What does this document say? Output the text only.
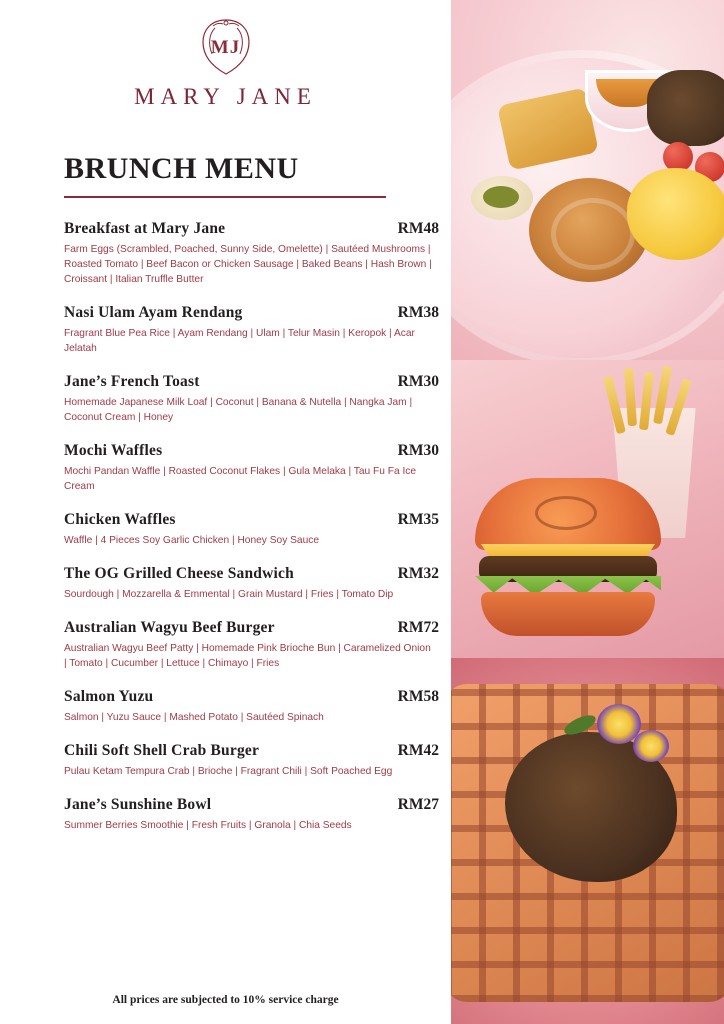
MJ
MARY JANE
BRUNCH MENU
Breakfast at Mary Jane	RM48
Farm Eggs (Scrambled, Poached, Sunny Side, Omelette) | Sautéed Mushrooms | Roasted Tomato | Beef Bacon or Chicken Sausage | Baked Beans | Hash Brown | Croissant | Italian Truffle Butter
Nasi Ulam Ayam Rendang	RM38
Fragrant Blue Pea Rice | Ayam Rendang | Ulam | Telur Masin | Keropok | Acar Jelatah
Jane’s French Toast	RM30
Homemade Japanese Milk Loaf | Coconut | Banana & Nutella | Nangka Jam | Coconut Cream | Honey
Mochi Waffles	RM30
Mochi Pandan Waffle | Roasted Coconut Flakes | Gula Melaka | Tau Fu Fa Ice Cream
Chicken Waffles	RM35
Waffle | 4 Pieces Soy Garlic Chicken | Honey Soy Sauce
The OG Grilled Cheese Sandwich	RM32
Sourdough | Mozzarella & Emmental | Grain Mustard | Fries | Tomato Dip
Australian Wagyu Beef Burger	RM72
Australian Wagyu Beef Patty | Homemade Pink Brioche Bun | Caramelized Onion | Tomato | Cucumber | Lettuce | Chimayo | Fries
Salmon Yuzu	RM58
Salmon | Yuzu Sauce | Mashed Potato | Sautéed Spinach
Chili Soft Shell Crab Burger	RM42
Pulau Ketam Tempura Crab | Brioche | Fragrant Chili | Soft Poached Egg
Jane’s Sunshine Bowl	RM27
Summer Berries Smoothie | Fresh Fruits | Granola | Chia Seeds
All prices are subjected to 10% service charge
